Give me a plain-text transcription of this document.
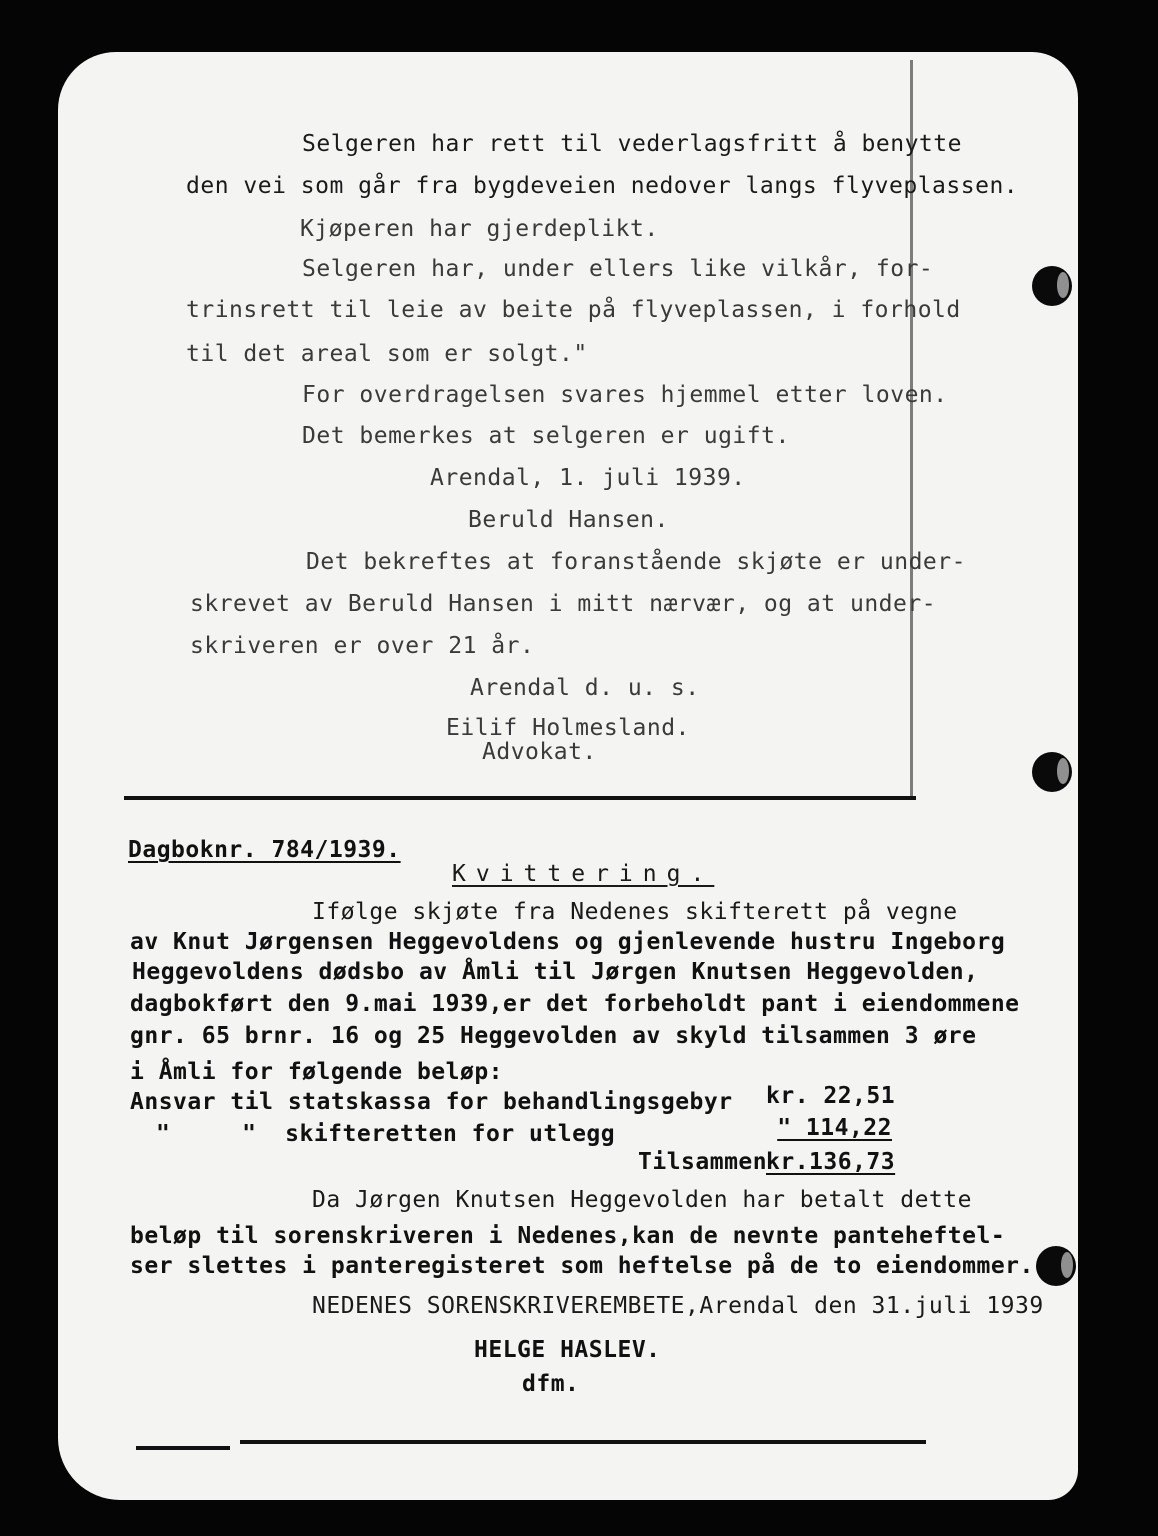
Selgeren har rett til vederlagsfritt å benytte
den vei som går fra bygdeveien nedover langs flyveplassen.
Kjøperen har gjerdeplikt.
Selgeren har, under ellers like vilkår, for-
trinsrett til leie av beite på flyveplassen, i forhold
til det areal som er solgt."
For overdragelsen svares hjemmel etter loven.
Det bemerkes at selgeren er ugift.
Arendal, 1. juli 1939.
Beruld Hansen.
Det bekreftes at foranstående skjøte er under-
skrevet av Beruld Hansen i mitt nærvær, og at under-
skriveren er over 21 år.
Arendal d. u. s.
Eilif Holmesland.
Advokat.
Dagboknr. 784/1939.
Kvittering.
Ifølge skjøte fra Nedenes skifterett på vegne
av Knut Jørgensen Heggevoldens og gjenlevende hustru Ingeborg
Heggevoldens dødsbo av Åmli til Jørgen Knutsen Heggevolden,
dagbokført den 9.mai 1939,er det forbeholdt pant i eiendommene
gnr. 65 brnr. 16 og 25 Heggevolden av skyld tilsammen 3 øre
i Åmli for følgende beløp:
Ansvar til statskassa for behandlingsgebyr kr. 22,51
"     "  skifteretten for utlegg	" 114,22
Tilsammen
kr.136,73
Da Jørgen Knutsen Heggevolden har betalt dette
beløp til sorenskriveren i Nedenes,kan de nevnte panteheftel-
ser slettes i panteregisteret som heftelse på de to eiendommer.
NEDENES SORENSKRIVEREMBETE,Arendal den 31.juli 1939
HELGE HASLEV.
dfm.
